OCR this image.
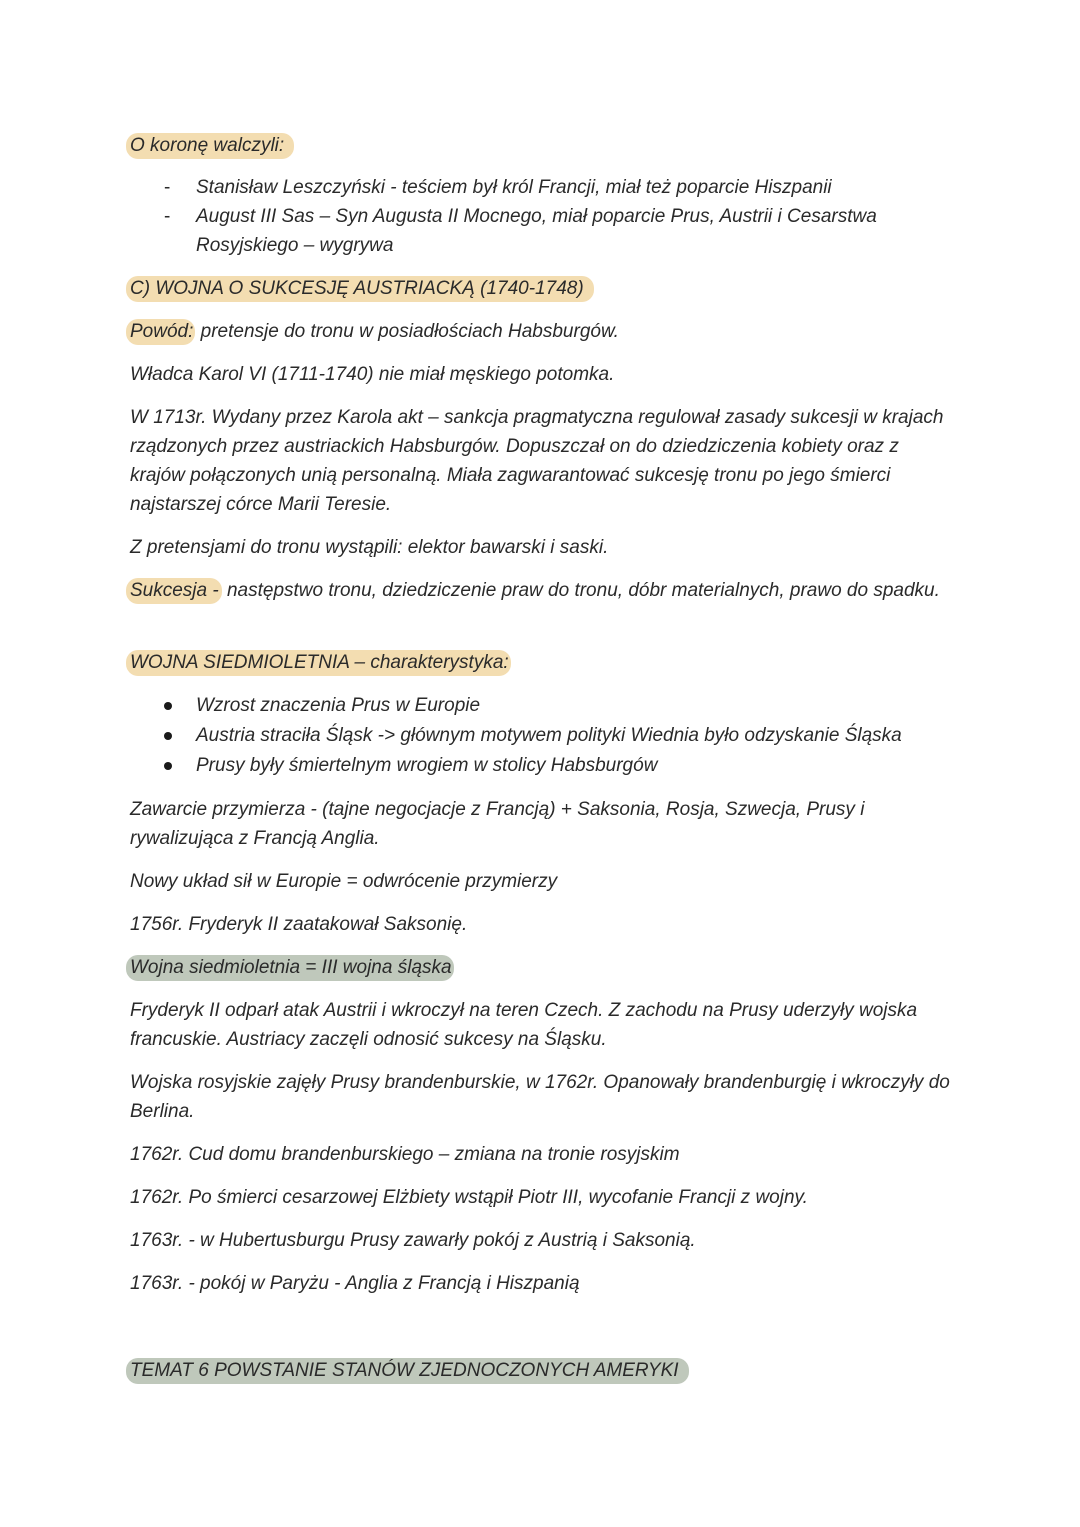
O koronę walczyli:
- Stanisław Leszczyński - teściem był król Francji, miał też poparcie Hiszpanii
- August III Sas – Syn Augusta II Mocnego, miał poparcie Prus, Austrii i Cesarstwa Rosyjskiego – wygrywa
C) WOJNA O SUKCESJĘ AUSTRIACKĄ (1740-1748)
Powód: pretensje do tronu w posiadłościach Habsburgów.
Władca Karol VI (1711-1740) nie miał męskiego potomka.
W 1713r. Wydany przez Karola akt – sankcja pragmatyczna regulował zasady sukcesji w krajach rządzonych przez austriackich Habsburgów. Dopuszczał on do dziedziczenia kobiety oraz z krajów połączonych unią personalną. Miała zagwarantować sukcesję tronu po jego śmierci najstarszej córce Marii Teresie.
Z pretensjami do tronu wystąpili: elektor bawarski i saski.
Sukcesja - następstwo tronu, dziedziczenie praw do tronu, dóbr materialnych, prawo do spadku.
WOJNA SIEDMIOLETNIA – charakterystyka:
Wzrost znaczenia Prus w Europie
Austria straciła Śląsk -> głównym motywem polityki Wiednia było odzyskanie Śląska
Prusy były śmiertelnym wrogiem w stolicy Habsburgów
Zawarcie przymierza - (tajne negocjacje z Francją) + Saksonia, Rosja, Szwecja, Prusy i rywalizująca z Francją Anglia.
Nowy układ sił w Europie = odwrócenie przymierzy
1756r. Fryderyk II zaatakował Saksonię.
Wojna siedmioletnia = III wojna śląska
Fryderyk II odparł atak Austrii i wkroczył na teren Czech. Z zachodu na Prusy uderzyły wojska francuskie. Austriacy zaczęli odnosić sukcesy na Śląsku.
Wojska rosyjskie zajęły Prusy brandenburskie, w 1762r. Opanowały brandenburgię i wkroczyły do Berlina.
1762r. Cud domu brandenburskiego – zmiana na tronie rosyjskim
1762r. Po śmierci cesarzowej Elżbiety wstąpił Piotr III, wycofanie Francji z wojny.
1763r. - w Hubertusburgu Prusy zawarły pokój z Austrią i Saksonią.
1763r. - pokój w Paryżu - Anglia z Francją i Hiszpanią
TEMAT 6 POWSTANIE STANÓW ZJEDNOCZONYCH AMERYKI
